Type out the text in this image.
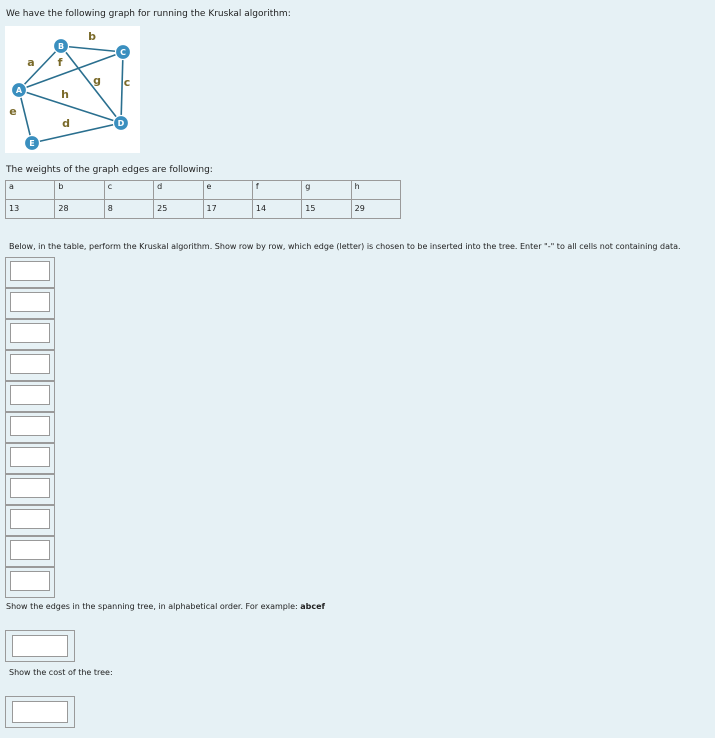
We have the following graph for running the Kruskal algorithm:
a
b
c
d
e
f
g
h
A
B
C
D
E
The weights of the graph edges are following:
a	b	c	d	e	f	g	h
13	28	8	25	17	14	15	29
Below, in the table, perform the Kruskal algorithm. Show row by row, which edge (letter) is chosen to be inserted into the tree. Enter "-" to all cells not containing data.
Show the edges in the spanning tree, in alphabetical order. For example: abcef
Show the cost of the tree:
